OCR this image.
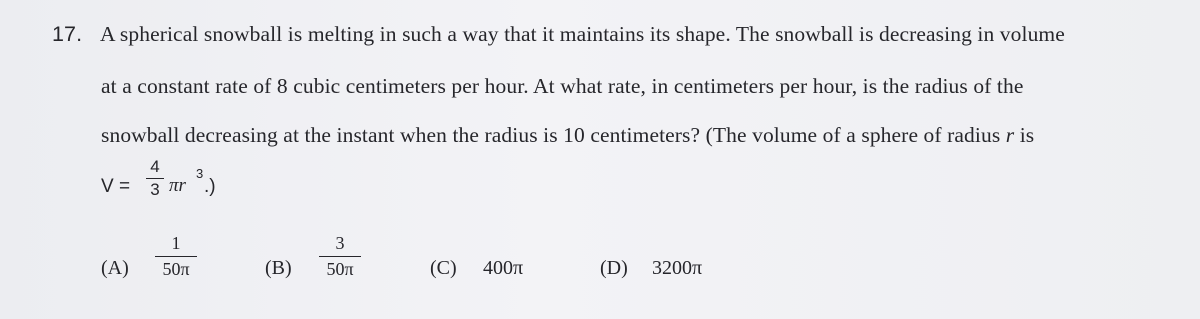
17. A spherical snowball is melting in such a way that it maintains its shape. The snowball is decreasing in volume
at a constant rate of 8 cubic centimeters per hour. At what rate, in centimeters per hour, is the radius of the
snowball decreasing at the instant when the radius is 10 centimeters? (The volume of a sphere of radius r is
V =
4
3 πr
3
.)
(A)
1
50π	(B)
3
50π	(C) 400π	(D) 3200π
